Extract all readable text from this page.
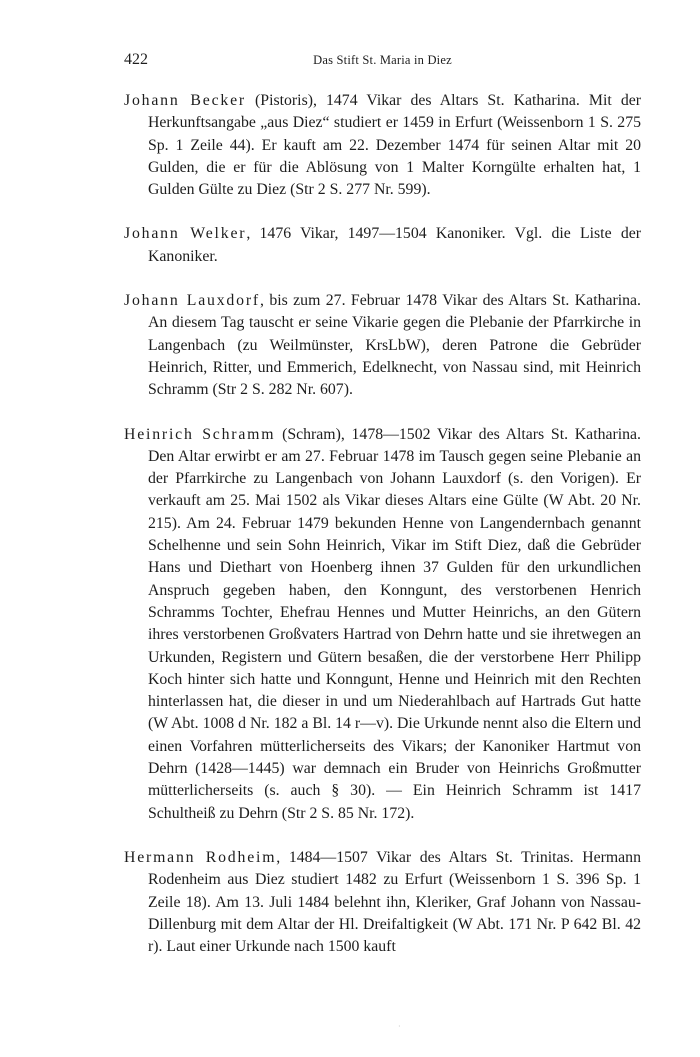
422	Das Stift St. Maria in Diez

Johann Becker (Pistoris), 1474 Vikar des Altars St. Katharina. Mit der Herkunftsangabe „aus Diez“ studiert er 1459 in Erfurt (Weissenborn 1 S. 275 Sp. 1 Zeile 44). Er kauft am 22. Dezember 1474 für seinen Altar mit 20 Gulden, die er für die Ablösung von 1 Malter Korngülte erhalten hat, 1 Gulden Gülte zu Diez (Str 2 S. 277 Nr. 599).

Johann Welker, 1476 Vikar, 1497—1504 Kanoniker. Vgl. die Liste der Kanoniker.

Johann Lauxdorf, bis zum 27. Februar 1478 Vikar des Altars St. Katharina. An diesem Tag tauscht er seine Vikarie gegen die Plebanie der Pfarrkirche in Langenbach (zu Weilmünster, KrsLbW), deren Patrone die Gebrüder Heinrich, Ritter, und Emmerich, Edelknecht, von Nassau sind, mit Heinrich Schramm (Str 2 S. 282 Nr. 607).

Heinrich Schramm (Schram), 1478—1502 Vikar des Altars St. Katharina. Den Altar erwirbt er am 27. Februar 1478 im Tausch gegen seine Plebanie an der Pfarrkirche zu Langenbach von Johann Lauxdorf (s. den Vorigen). Er verkauft am 25. Mai 1502 als Vikar dieses Altars eine Gülte (W Abt. 20 Nr. 215). Am 24. Februar 1479 bekunden Henne von Langendernbach genannt Schelhenne und sein Sohn Heinrich, Vikar im Stift Diez, daß die Gebrüder Hans und Diethart von Hoenberg ihnen 37 Gulden für den urkundlichen Anspruch gegeben haben, den Konngunt, des verstorbenen Henrich Schramms Tochter, Ehefrau Hennes und Mutter Heinrichs, an den Gütern ihres verstorbenen Großvaters Hartrad von Dehrn hatte und sie ihretwegen an Urkunden, Registern und Gütern besaßen, die der verstorbene Herr Philipp Koch hinter sich hatte und Konngunt, Henne und Heinrich mit den Rechten hinterlassen hat, die dieser in und um Niederahlbach auf Hartrads Gut hatte (W Abt. 1008 d Nr. 182 a Bl. 14 r—v). Die Urkunde nennt also die Eltern und einen Vorfahren mütterlicherseits des Vikars; der Kanoniker Hartmut von Dehrn (1428—1445) war demnach ein Bruder von Heinrichs Großmutter mütterlicherseits (s. auch § 30). — Ein Heinrich Schramm ist 1417 Schultheiß zu Dehrn (Str 2 S. 85 Nr. 172).

Hermann Rodheim, 1484—1507 Vikar des Altars St. Trinitas. Hermann Rodenheim aus Diez studiert 1482 zu Erfurt (Weissenborn 1 S. 396 Sp. 1 Zeile 18). Am 13. Juli 1484 belehnt ihn, Kleriker, Graf Johann von Nassau-Dillenburg mit dem Altar der Hl. Dreifaltigkeit (W Abt. 171 Nr. P 642 Bl. 42 r). Laut einer Urkunde nach 1500 kauft

·
